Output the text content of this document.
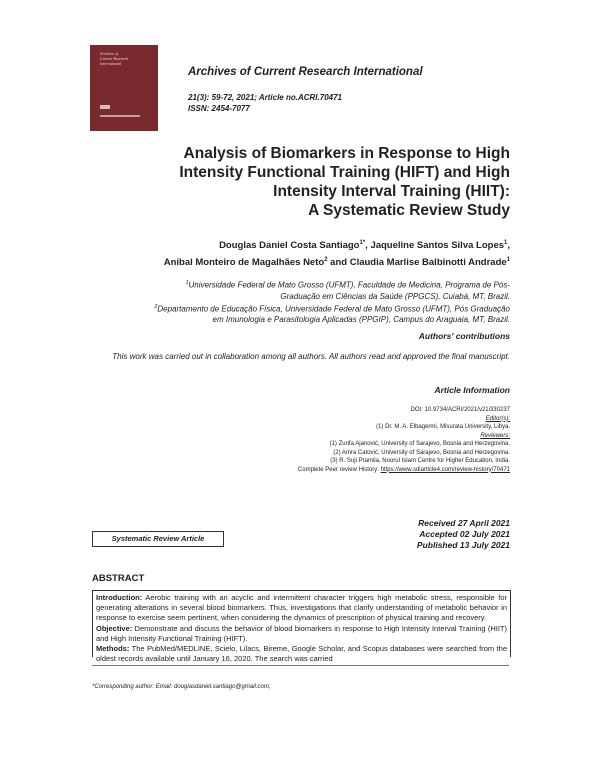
Archives of
Current Research
International
Archives of Current Research International
21(3): 59-72, 2021; Article no.ACRI.70471
ISSN: 2454-7077
Analysis of Biomarkers in Response to High
Intensity Functional Training (HIFT) and High
Intensity Interval Training (HIIT):
A Systematic Review Study
Douglas Daniel Costa Santiago$^{1*}$, Jaqueline Santos Silva Lopes$^1$,
Aníbal Monteiro de Magalhães Neto$^2$ and Claudia Marlise Balbinotti Andrade$^1$
$^1$Universidade Federal de Mato Grosso (UFMT), Faculdade de Medicina, Programa de Pós-
Graduação em Ciências da Saúde (PPGCS), Cuiabá, MT, Brazil.
$^2$Departamento de Educação Física, Universidade Federal de Mato Grosso (UFMT), Pós Graduação
em Imunologia e Parasitologia Aplicadas (PPGIP), Campus do Araguaia, MT, Brazil.
Authors' contributions
This work was carried out in collaboration among all authors. All authors read and approved the final manuscript.
Article Information
DOI: 10.9734/ACRI/2021/v21i330237
Editor(s):
(1) Dr. M. A. Elbagermi, Misurata University, Libya.
Reviewers:
(1) Zurifa Ajanović, University of Sarajevo, Bosnia and Herzegovina.
(2) Amra Catović, University of Sarajevo, Bosnia and Herzegovina.
(3) R. Suji Pramila, Noorul Islam Centre for Higher Education, India.
Complete Peer review History: https://www.sdiarticle4.com/review-history/70471
Systematic Review Article
Received 27 April 2021
Accepted 02 July 2021
Published 13 July 2021
ABSTRACT
Introduction: Aerobic training with an acyclic and intermittent character triggers high metabolic stress, responsible for generating alterations in several blood biomarkers. Thus, investigations that clarify understanding of metabolic behavior in response to exercise seem pertinent, when considering the dynamics of prescription of physical training and recovery.
Objective: Demonstrate and discuss the behavior of blood biomarkers in response to High Intensity Interval Training (HIIT) and High Intensity Functional Training (HIFT).
Methods: The PubMed/MEDLINE, Scielo, Lilacs, Bireme, Google Scholar, and Scopus databases were searched from the oldest records available until January 16, 2020. The search was carried
*Corresponding author: Email: douglasdaniel.santiago@gmail.com;
